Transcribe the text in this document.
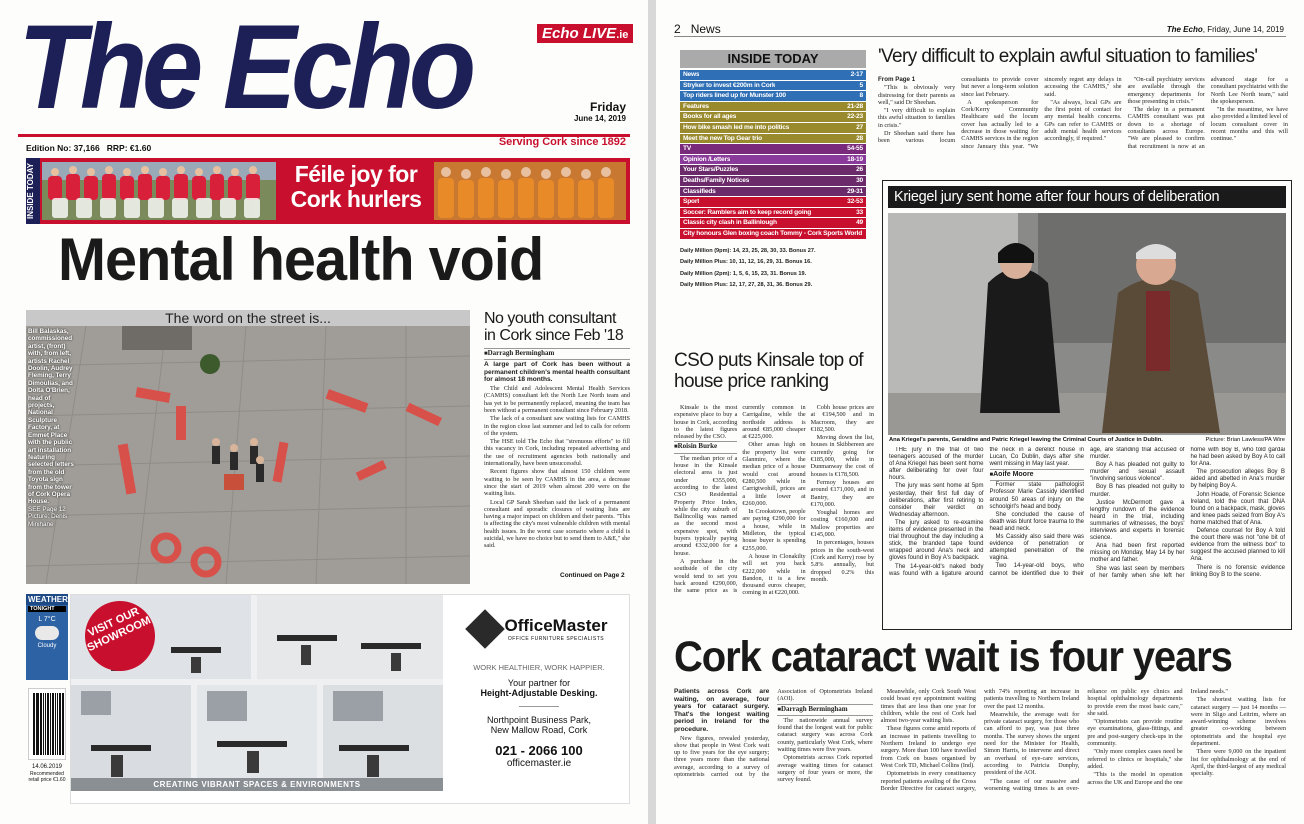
The Echo	Echo LIVE.ie
Friday
June 14, 2019
Serving Cork since 1892
Edition No: 37,166 RRP: €1.60
INSIDE TODAY	Féile joy for Cork hurlers
Mental health void
The word on the street is...
Bill Balaskas, commissioned artist, (front) with, from left, artists Rachel Doolin, Audrey Fleming, Terry Dimoulias, and Dolta O'Brien, head of projects, National Sculpture Factory, at Emmet Place with the public art installation featuring selected letters from the old Toyota sign from the tower of Cork Opera House.
SEE Page 12
Picture: Denis Minihane
No youth consultant in Cork since Feb '18

■ Darragh Bermingham

A large part of Cork has been without a permanent children's mental health consultant for almost 18 months.

The Child and Adolescent Mental Health Services (CAMHS) consultant left the North Lee North team and has yet to be permanently replaced, meaning the team has been without a permanent consultant since February 2018.

The lack of a consultant saw waiting lists for CAMHS in the region close last summer and led to calls for reform of the system.

The HSE told The Echo that "strenuous efforts" to fill this vacancy in Cork, including repeated advertising and the use of recruitment agencies both nationally and internationally, have been unsuccessful.

Recent figures show that almost 150 children were waiting to be seen by CAMHS in the area, a decrease since the start of 2019 when almost 200 were on the waiting lists.

Local GP Sarah Sheehan said the lack of a permanent consultant and sporadic closures of waiting lists are having a major impact on children and their parents. "This is affecting the city's most vulnerable children with mental health issues. In the worst case scenario where a child is suicidal, we have no choice but to send them to A&E," she said.

Continued on Page 2
WEATHER
TONIGHT
L 7°C
Cloudy
14.06.2019
Recommended retail price €1.60	CREATING VIBRANT SPACES & ENVIRONMENTS
VISIT OUR SHOWROOM	OfficeMaster
OFFICE FURNITURE SPECIALISTS
WORK HEALTHIER, WORK HAPPIER.
Your partner for
Height-Adjustable Desking.
Northpoint Business Park,
New Mallow Road, Cork
021 - 2066 100
officemaster.ie
2 News	The Echo, Friday, June 14, 2019
INSIDE TODAY
News	2-17
Stryker to invest €200m in Cork	5
Top riders lined up for Munster 100	8
Features	21-28
Books for all ages	22-23
How bike smash led me into politics	27
Meet the new Top Gear trio	28
TV	54-55
Opinion /Letters	18-19
Your Stars/Puzzles	26
Deaths/Family Notices	30
Classifieds	29-31
Sport	32-53
Soccer: Ramblers aim to keep record going	33
Classic city clash in Ballinlough	49
City honours Glen boxing coach Tommy - Cork Sports World
Daily Million (9pm): 14, 23, 25, 28, 30, 33. Bonus 27.
Daily Million Plus: 10, 11, 12, 16, 29, 31. Bonus 16.
Daily Million (2pm): 1, 5, 6, 15, 23, 31. Bonus 19.
Daily Million Plus: 12, 17, 27, 28, 31, 36. Bonus 29.
'Very difficult to explain awful situation to families'

From Page 1

"This is obviously very distressing for their parents as well," said Dr Sheehan.

"I very difficult to explain this awful situation to families in crisis."

Dr Sheehan said there has been various locum consultants to provide cover but never a long-term solution since last February.

A spokesperson for Cork/Kerry Community Healthcare said the locum cover has actually led to a decrease in those waiting for CAMHS services in the region since January this year. "We sincerely regret any delays in accessing the CAMHS," she said.

"As always, local GPs are the first point of contact for any mental health concerns. GPs can refer to CAMHS or adult mental health services accordingly, if required."

"On-call psychiatry services are available through the emergency departments for those presenting in crisis."

The delay in a permanent CAMHS consultant was put down to a shortage of consultants across Europe. "We are pleased to confirm that recruitment is now at an advanced stage for a consultant psychiatrist with the North Lee North team," said the spokesperson.

"In the meantime, we have also provided a limited level of locum consultant cover in recent months and this will continue."

CSO puts Kinsale top of house price ranking

Kinsale is the most expensive place to buy a house in Cork, according to the latest figures released by the CSO.

■ Roisin Burke

The median price of a house in the Kinsale electoral area is just under €355,000, according to the latest CSO Residential Property Price Index, while the city suburb of Ballincollig was named as the second most expensive spot, with buyers typically paying around €332,000 for a house.

A purchase in the southside of the city would tend to set you back around €290,000, the same price as is currently common in Carrigaline, while the northside address is around €85,000 cheaper at €225,000.

Other areas high on the property list were Glanmire, where the median price of a house would cost around €280,500 while in Carrigtwohill, prices are a little lower at €260,000.

In Crookstown, people are paying €290,000 for a house, while in Midleton, the typical house buyer is spending €255,000.

A house in Clonakilty will set you back €222,000 while in Bandon, it is a few thousand euros cheaper, coming in at €220,000.

Cobh house prices are at €194,500 and in Macroom, they are €182,500.

Moving down the list, houses in Skibbereen are currently going for €185,000, while in Dunmanway the cost of houses is €178,500.

Fermoy houses are around €171,000, and in Bantry, they are €170,000.

Youghal homes are costing €160,000 and Mallow properties are €145,000.

In percentages, houses prices in the south-west (Cork and Kerry) rose by 5.8% annually, but dropped 0.2% this month.

Kriegel jury sent home after four hours of deliberation
Ana Kriegel's parents, Geraldine and Patric Kriegel leaving the Criminal Courts of Justice in Dublin.	Picture: Brian Lawless/PA Wire

THE jury in the trial of two teenagers accused of the murder of Ana Kriegel has been sent home after deliberating for over four hours.

The jury was sent home at 5pm yesterday, their first full day of deliberations, after first retiring to consider their verdict on Wednesday afternoon.

The jury asked to re-examine items of evidence presented in the trial throughout the day including a stick, the branded tape found wrapped around Ana's neck and gloves found in Boy A's backpack.

The 14-year-old's naked body was found with a ligature around the neck in a derelict house in Lucan, Co Dublin, days after she went missing in May last year.

■ Aoife Moore

Former state pathologist Professor Marie Cassidy identified around 50 areas of injury on the schoolgirl's head and body.

She concluded the cause of death was blunt force trauma to the head and neck.

Ms Cassidy also said there was evidence of penetration or attempted penetration of the vagina.

Two 14-year-old boys, who cannot be identified due to their age, are standing trial accused of murder.

Boy A has pleaded not guilty to murder and sexual assault "involving serious violence".

Boy B has pleaded not guilty to murder.

Justice McDermott gave a lengthy rundown of the evidence heard in the trial, including summaries of witnesses, the boys' interviews and experts in forensic science.

Ana had been first reported missing on Monday, May 14 by her mother and father.

She was last seen by members of her family when she left her home with Boy B, who told gardai he had been asked by Boy A to call for Ana.

The prosecution alleges Boy B aided and abetted in Ana's murder by helping Boy A.

John Hoade, of Forensic Science Ireland, told the court that DNA found on a backpack, mask, gloves and knee pads seized from Boy A's home matched that of Ana.

Defence counsel for Boy A told the court there was not "one bit of evidence from the witness box" to suggest the accused planned to kill Ana.

There is no forensic evidence linking Boy B to the scene.

Cork cataract wait is four years

Patients across Cork are waiting, on average, four years for cataract surgery. That's the longest waiting period in Ireland for the procedure.

New figures, revealed yesterday, show that people in West Cork wait up to five years for the eye surgery; three years more than the national average, according to a survey of optometrists carried out by the Association of Optometrists Ireland (AOI).

■ Darragh Bermingham

The nationwide annual survey found that the longest wait for public cataract surgery was across Cork county, particularly West Cork, where waiting times were five years.

Optometrists across Cork reported average waiting times for cataract surgery of four years or more, the survey found.

Meanwhile, only Cork South West could boast eye appointment waiting times that are less than one year for children, while the rest of Cork had almost two-year waiting lists.

These figures come amid reports of an increase in patients travelling to Northern Ireland to undergo eye surgery. More than 100 have travelled from Cork on buses organised by West Cork TD, Michael Collins (Ind).

Optometrists in every constituency reported patients availing of the Cross Border Directive for cataract surgery, with 74% reporting an increase in patients travelling to Northern Ireland over the past 12 months.

Meanwhile, the average wait for private cataract surgery, for those who can afford to pay, was just three months. The survey shows the urgent need for the Minister for Health, Simon Harris, to intervene and direct an overhaul of eye-care services, according to Patricia Dunphy, president of the AOI.

"The cause of our massive and worsening waiting times is an over-reliance on public eye clinics and hospital ophthalmology departments to provide even the most basic care," she said.

"Optometrists can provide routine eye examinations, glass-fittings, and pre and post-surgery check-ups in the community.

"Only more complex cases need be referred to clinics or hospitals," she added.

"This is the model in operation across the UK and Europe and the one Ireland needs."

The shortest waiting lists for cataract surgery — just 14 months — were in Sligo and Leitrim, where an award-winning scheme involves greater co-working between optometrists and the hospital eye department.

There were 9,000 on the inpatient list for ophthalmology at the end of April, the third-largest of any medical specialty.
